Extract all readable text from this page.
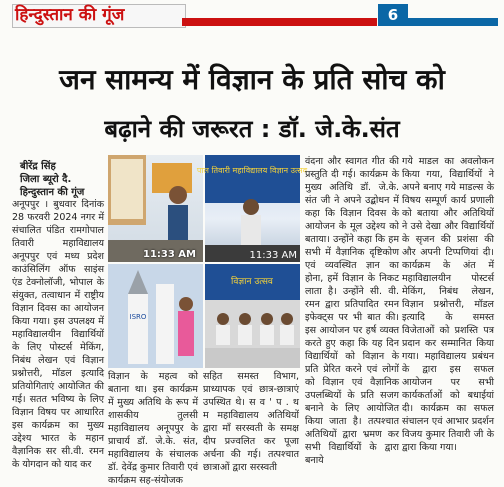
हिन्दुस्तान की गूंज	6
जन सामन्य में विज्ञान के प्रति सोच को
बढ़ाने की जरूरत : डॉ. जे.के.संत
बीरेंद्र सिंह
जिला ब्यूरो दै.
हिन्दुस्तान की गूंज
अनूपपुर । बुधवार दिनांक 28 फरवरी 2024 नगर में संचालित पंडित रामगोपाल तिवारी महाविद्यालय अनूपपुर एवं मध्य प्रदेश काउंसिलिंग ऑफ साइंस एंड टेक्नोलॉजी, भोपाल के संयुक्त, तत्वाधान में राष्ट्रीय विज्ञान दिवस का आयोजन किया गया। इस उपलक्ष्य में महाविद्यालयीन विद्यार्थियों के लिए पोस्टर्स मेकिंग, निबंध लेखन एवं विज्ञान प्रश्नोत्तरी, मॉडल इत्यादि प्रतियोगिताएं आयोजित की गई। सतत भविष्य के लिए विज्ञान विषय पर आधारित इस कार्यक्रम का मुख्य उद्देश्य भारत के महान वैज्ञानिक सर सी.वी. रमन के योगदान को याद कर
11:33 AM
पाल तिवारी महाविद्यालय विज्ञान उत्सव
11:33 AM
ISRO
विज्ञान उत्सव
विज्ञान के महत्व को बताना था। इस कार्यक्रम में मुख्य अतिथि के रूप में शासकीय तुलसी महाविद्यालय अनूपपुर के प्राचार्य डॉ. जे.के. संत, महाविद्यालय के संचालक डॉ. देवेंद्र कुमार तिवारी एवं कार्यक्रम सह-संयोजक
सहित समस्त विभाग, प्राध्यापक एवं छात्र-छात्राएं उपस्थित थे। स व ' प . थ म महाविद्यालय अतिथियों द्वारा माँ सरस्वती के समक्ष दीप प्रज्वलित कर पूजा अर्चना की गई। तत्पश्चात छात्राओं द्वारा सरस्वती
वंदना और स्वागत गीत की प्रस्तुति दी गई। कार्यक्रम के मुख्य अतिथि डॉ. जे.के. संत जी ने अपने उद्बोधन में कहा कि विज्ञान दिवस के आयोजन के मूल उद्देश्य को बताया। उन्होंने कहा कि हम सभी में वैज्ञानिक दृष्टिकोण एवं व्यवस्थित ज्ञान का होना, हमें विज्ञान के निकट लाता है। उन्होंने सी. वी. रमन द्वारा प्रतिपादित रमन इफेक्ट्स पर भी बात की। इस आयोजन पर हर्ष व्यक्त करते हुए कहा कि यह दिन विद्यार्थियों को विज्ञान के प्रति प्रेरित करने एवं लोगों को विज्ञान एवं वैज्ञानिक उपलब्धियों के प्रति सजग बनाने के लिए आयोजित किया जाता है। तत्पश्चात अतिथियों द्वारा भ्रमण कर सभी विद्यार्थियों के द्वारा बनाये
गये माडल का अवलोकन किया गया, विद्यार्थियों ने अपने बनाए गये माडल्स के विषय सम्पूर्ण कार्य प्रणाली को बताया और अतिथियों ने उसे देखा और विद्यार्थियों के सृजन की प्रशंसा की और अपनी टिप्पणियां दी। कार्यक्रम के अंत में महाविद्यालयीन पोस्टर्स मेकिंग, निबंध लेखन, विज्ञान प्रश्नोत्तरी, मॉडल इत्यादि के समस्त विजेताओं को प्रशस्ति पत्र प्रदान कर सम्मानित किया गया। महाविद्यालय प्रबंधन के द्वारा इस सफल आयोजन पर सभी कार्यकर्ताओं को बधाईयां दी। कार्यक्रम का सफल संचालन एवं आभार प्रदर्शन विजय कुमार तिवारी जी के द्वारा किया गया।
